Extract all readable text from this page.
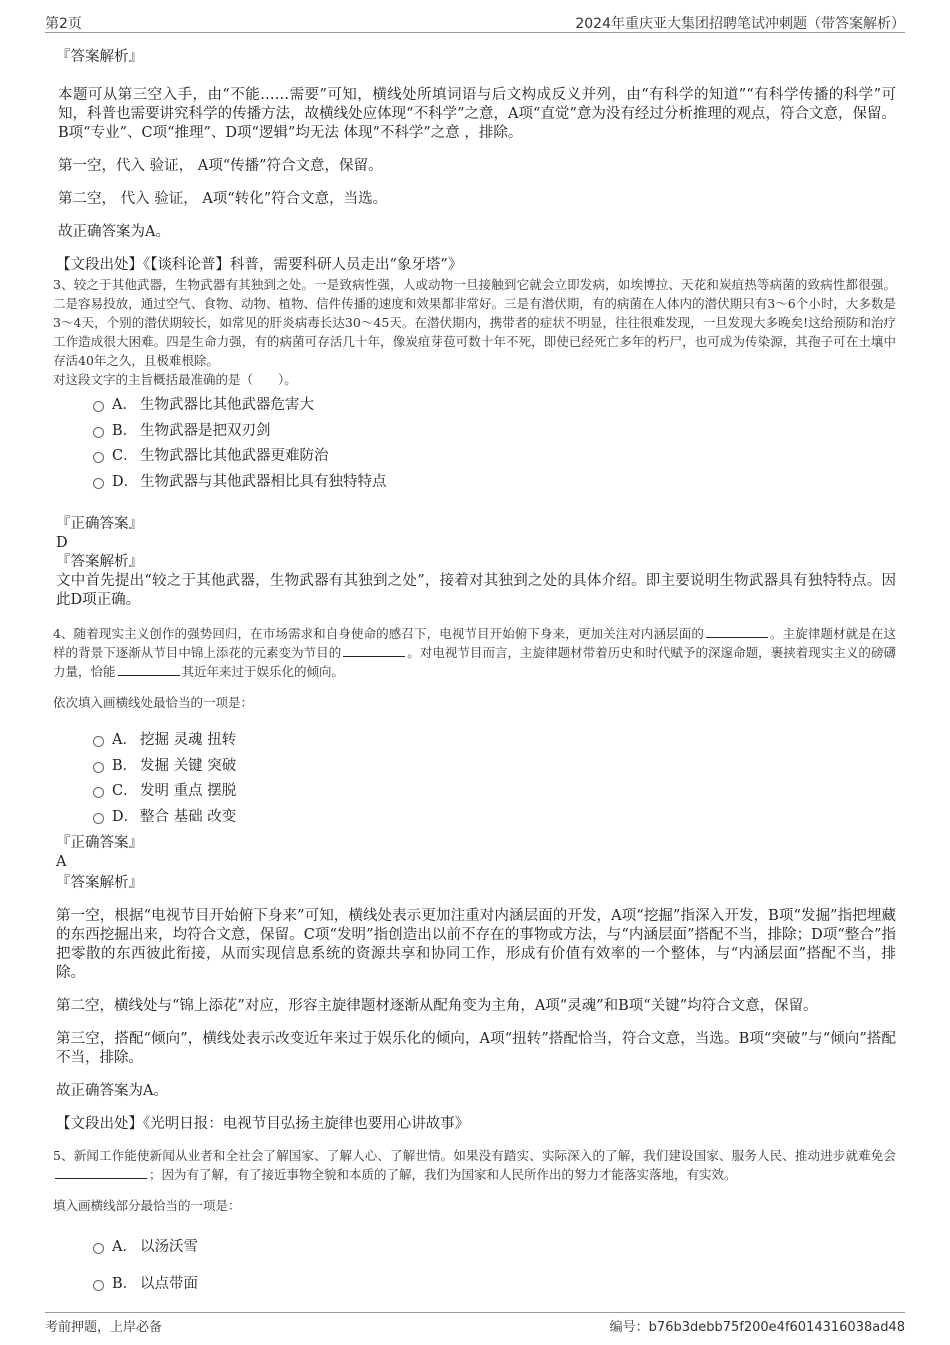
第2页	2024年重庆亚大集团招聘笔试冲刺题（带答案解析）

『答案解析』

本题可从第三空入手，由“不能……需要”可知，横线处所填词语与后文构成反义并列，由“有科学的知道”“有科学传播的科学”可知，科普也需要讲究科学的传播方法，故横线处应体现“不科学”之意，A项“直觉”意为没有经过分析推理的观点，符合文意，保留。B项“专业”、C项“推理”、D项“逻辑”均无法 体现“不科学”之意 ，排除。

第一空，代入 验证， A项“传播”符合文意，保留。

第二空， 代入 验证， A项“转化”符合文意，当选。

故正确答案为A。

【文段出处】《【谈科论普】科普，需要科研人员走出“象牙塔”》

3、较之于其他武器，生物武器有其独到之处。一是致病性强，人或动物一旦接触到它就会立即发病，如埃博拉、天花和炭疽热等病菌的致病性都很强。二是容易投放，通过空气、食物、动物、植物、信件传播的速度和效果都非常好。三是有潜伏期，有的病菌在人体内的潜伏期只有3～6个小时，大多数是3～4天，个别的潜伏期较长，如常见的肝炎病毒长达30～45天。在潜伏期内，携带者的症状不明显，往往很难发现，一旦发现大多晚矣!这给预防和治疗工作造成很大困难。四是生命力强，有的病菌可存活几十年，像炭疽芽苞可数十年不死，即使已经死亡多年的朽尸，也可成为传染源，其孢子可在土壤中存活40年之久，且极难根除。

对这段文字的主旨概括最准确的是（　　）。

A． 生物武器比其他武器危害大
B． 生物武器是把双刃剑
C． 生物武器比其他武器更难防治
D． 生物武器与其他武器相比具有独特特点

『正确答案』

D

『答案解析』

文中首先提出“较之于其他武器，生物武器有其独到之处”，接着对其独到之处的具体介绍。即主要说明生物武器具有独特特点。因此D项正确。

4、随着现实主义创作的强势回归，在市场需求和自身使命的感召下，电视节目开始俯下身来，更加关注对内涵层面的	。主旋律题材就是在这样的背景下逐渐从节目中锦上添花的元素变为节目的	。对电视节目而言，主旋律题材带着历史和时代赋予的深邃命题，裹挟着现实主义的磅礴力量，恰能	其近年来过于娱乐化的倾向。

依次填入画横线处最恰当的一项是：

A． 挖掘 灵魂 扭转
B． 发掘 关键 突破
C． 发明 重点 摆脱
D． 整合 基础 改变

『正确答案』

A

『答案解析』

第一空，根据“电视节目开始俯下身来”可知，横线处表示更加注重对内涵层面的开发，A项“挖掘”指深入开发，B项“发掘”指把埋藏的东西挖掘出来，均符合文意，保留。C项“发明”指创造出以前不存在的事物或方法，与“内涵层面”搭配不当，排除；D项“整合”指把零散的东西彼此衔接，从而实现信息系统的资源共享和协同工作，形成有价值有效率的一个整体，与“内涵层面”搭配不当，排除。

第二空，横线处与“锦上添花”对应，形容主旋律题材逐渐从配角变为主角，A项“灵魂”和B项“关键”均符合文意，保留。

第三空，搭配“倾向”，横线处表示改变近年来过于娱乐化的倾向，A项“扭转”搭配恰当，符合文意，当选。B项“突破”与“倾向”搭配不当，排除。

故正确答案为A。

【文段出处】《光明日报：电视节目弘扬主旋律也要用心讲故事》

5、新闻工作能使新闻从业者和全社会了解国家、了解人心、了解世情。如果没有踏实、实际深入的了解，我们建设国家、服务人民、推动进步就难免会；因为有了解，有了接近事物全貌和本质的了解，我们为国家和人民所作出的努力才能落实落地，有实效。

填入画横线部分最恰当的一项是：

A． 以汤沃雪
B． 以点带面
考前押题，上岸必备	编号：b76b3debb75f200e4f6014316038ad48
